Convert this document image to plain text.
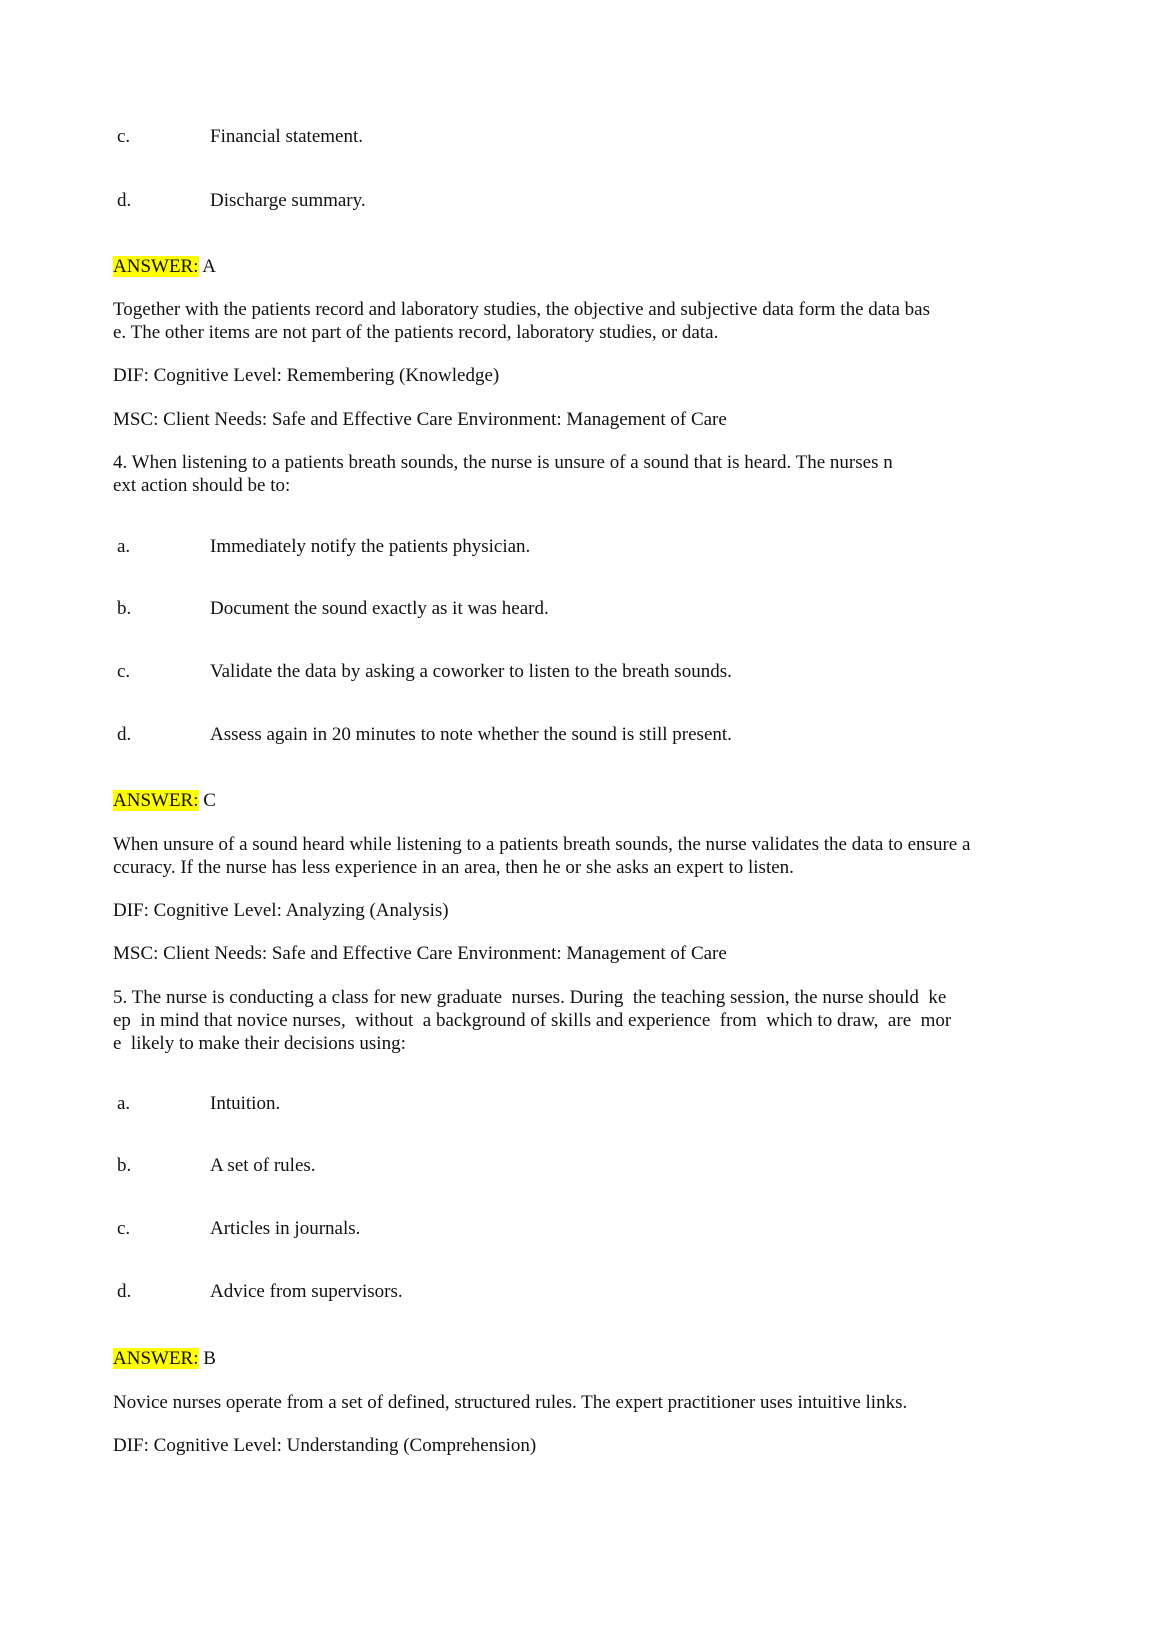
c.	Financial statement.
d.	Discharge summary.
ANSWER: A
Together with the patients record and laboratory studies, the objective and subjective data form the data bas
e. The other items are not part of the patients record, laboratory studies, or data.
DIF: Cognitive Level: Remembering (Knowledge)
MSC: Client Needs: Safe and Effective Care Environment: Management of Care
4. When listening to a patients breath sounds, the nurse is unsure of a sound that is heard. The nurses n
ext action should be to:
a.	Immediately notify the patients physician.
b.	Document the sound exactly as it was heard.
c.	Validate the data by asking a coworker to listen to the breath sounds.
d.	Assess again in 20 minutes to note whether the sound is still present.
ANSWER: C
When unsure of a sound heard while listening to a patients breath sounds, the nurse validates the data to ensure a
ccuracy. If the nurse has less experience in an area, then he or she asks an expert to listen.
DIF: Cognitive Level: Analyzing (Analysis)
MSC: Client Needs: Safe and Effective Care Environment: Management of Care
5. The nurse is conducting a class for new graduate  nurses. During  the teaching session, the nurse should  ke
ep  in mind that novice nurses,  without  a background of skills and experience  from  which to draw,  are  mor
e  likely to make their decisions using:
a.	Intuition.
b.	A set of rules.
c.	Articles in journals.
d.	Advice from supervisors.
ANSWER: B
Novice nurses operate from a set of defined, structured rules. The expert practitioner uses intuitive links.
DIF: Cognitive Level: Understanding (Comprehension)
